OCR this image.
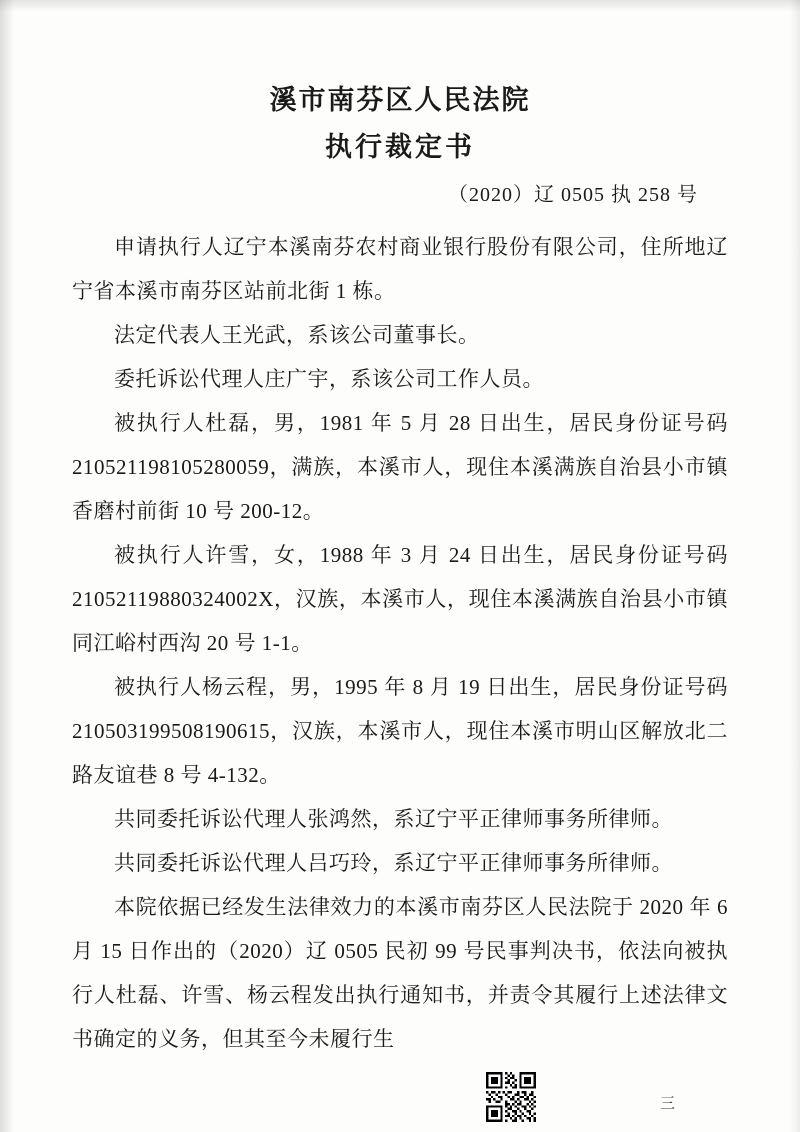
溪市南芬区人民法院
执行裁定书
（2020）辽 0505 执 258 号

申请执行人辽宁本溪南芬农村商业银行股份有限公司，住所地辽宁省本溪市南芬区站前北街 1 栋。

法定代表人王光武，系该公司董事长。

委托诉讼代理人庄广宇，系该公司工作人员。

被执行人杜磊，男，1981 年 5 月 28 日出生，居民身份证号码 210521198105280059，满族，本溪市人，现住本溪满族自治县小市镇香磨村前街 10 号 200-12。

被执行人许雪，女，1988 年 3 月 24 日出生，居民身份证号码 21052119880324002X，汉族，本溪市人，现住本溪满族自治县小市镇同江峪村西沟 20 号 1-1。

被执行人杨云程，男，1995 年 8 月 19 日出生，居民身份证号码 210503199508190615，汉族，本溪市人，现住本溪市明山区解放北二路友谊巷 8 号 4-132。

共同委托诉讼代理人张鸿然，系辽宁平正律师事务所律师。

共同委托诉讼代理人吕巧玲，系辽宁平正律师事务所律师。

本院依据已经发生法律效力的本溪市南芬区人民法院于 2020 年 6 月 15 日作出的（2020）辽 0505 民初 99 号民事判决书，依法向被执行人杜磊、许雪、杨云程发出执行通知书，并责令其履行上述法律文书确定的义务，但其至今未履行生

三
